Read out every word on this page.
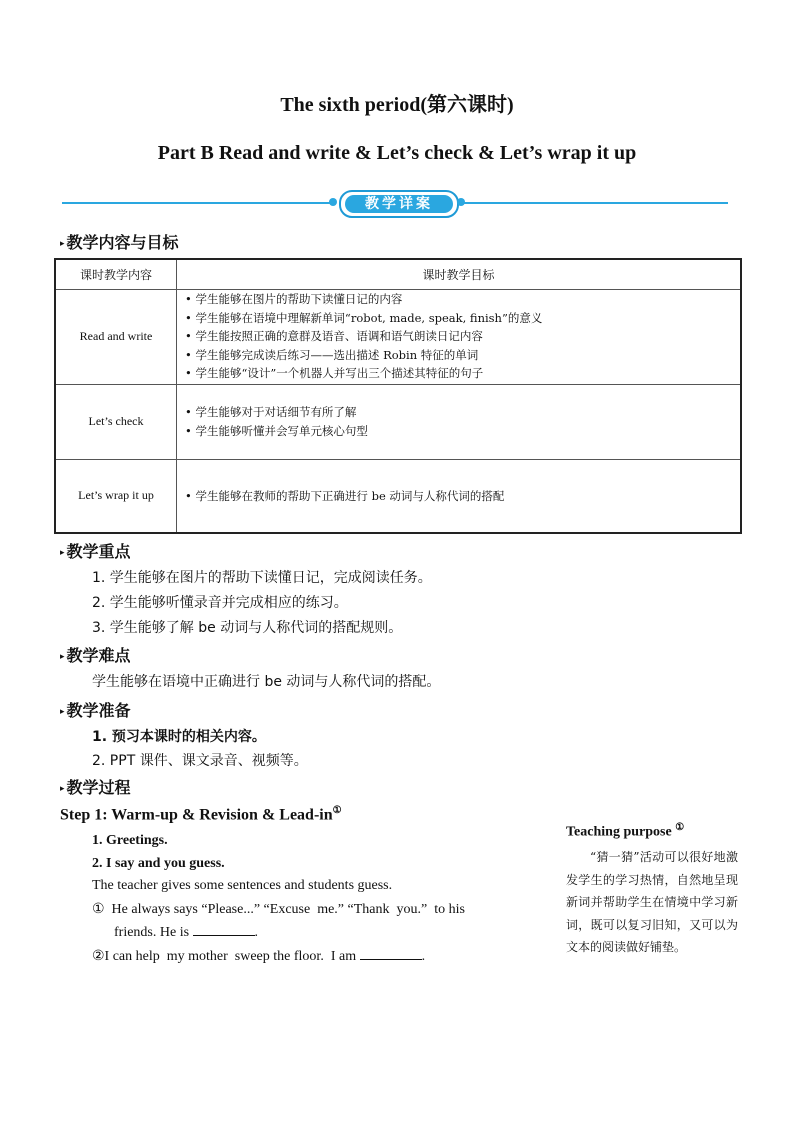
The sixth period(第六课时)
Part B Read and write & Let’s check & Let’s wrap it up
教学详案
▸ 教学内容与目标
课时教学内容	课时教学目标
Read and write	• 学生能够在图片的帮助下读懂日记的内容
• 学生能够在语境中理解新单词“robot, made, speak, finish”的意义
• 学生能按照正确的意群及语音、语调和语气朗读日记内容
• 学生能够完成读后练习——选出描述 Robin 特征的单词
• 学生能够“设计”一个机器人并写出三个描述其特征的句子

Let’s check	• 学生能够对于对话细节有所了解
• 学生能够听懂并会写单元核心句型

Let’s wrap it up	• 学生能够在教师的帮助下正确进行 be 动词与人称代词的搭配
▸ 教学重点
1. 学生能够在图片的帮助下读懂日记，完成阅读任务。
2. 学生能够听懂录音并完成相应的练习。
3. 学生能够了解 be 动词与人称代词的搭配规则。
▸ 教学难点
学生能够在语境中正确进行 be 动词与人称代词的搭配。
▸ 教学准备
1. 预习本课时的相关内容。
2. PPT 课件、课文录音、视频等。
▸ 教学过程
Step 1: Warm-up & Revision & Lead-in①
1. Greetings.
2. I say and you guess.
The teacher gives some sentences and students guess.
①  He always says “Please...” “Excuse  me.” “Thank  you.”  to his
friends. He is	.
②I can help  my mother  sweep the floor.  I am	.
Teaching purpose ①
“猜一猜”活动可以很好地激发学生的学习热情，自然地呈现新词并帮助学生在情境中学习新词，既可以复习旧知，又可以为文本的阅读做好铺垫。
